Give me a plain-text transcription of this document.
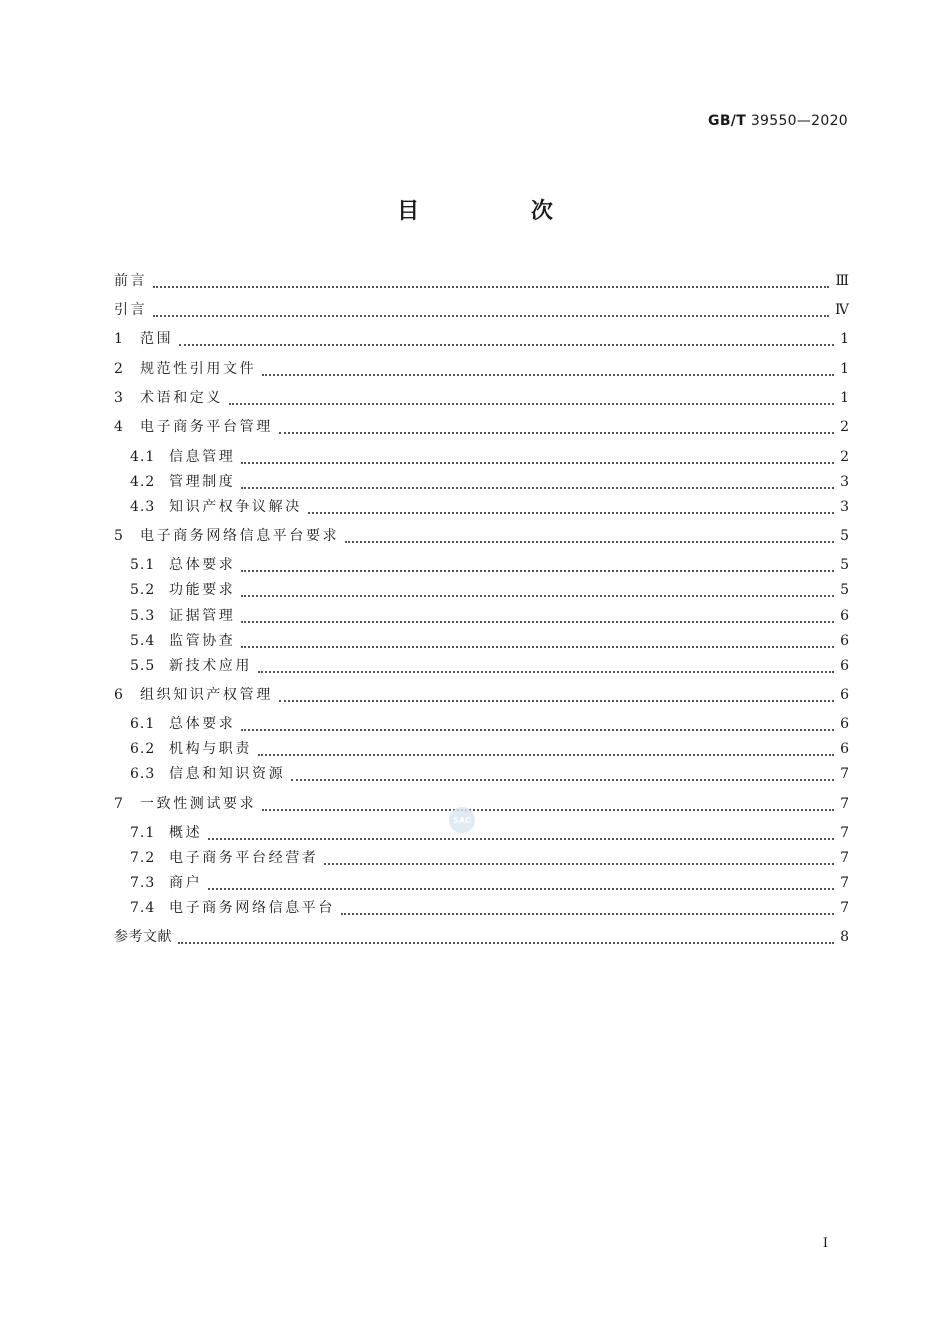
GB/T 39550—2020
目 次
前言	Ⅲ
引言	Ⅳ
1	范围	1
2	规范性引用文件	1
3	术语和定义	1
4	电子商务平台管理	2
4.1 信息管理	2
4.2 管理制度	3
4.3 知识产权争议解决	3
5	电子商务网络信息平台要求	5
5.1 总体要求	5
5.2 功能要求	5
5.3 证据管理	6
5.4 监管协查	6
5.5 新技术应用	6
6	组织知识产权管理	6
6.1 总体要求	6
6.2 机构与职责	6
6.3 信息和知识资源	7
7	一致性测试要求	7
7.1 概述	7
7.2 电子商务平台经营者	7
7.3 商户	7
7.4 电子商务网络信息平台	7
参考文献	8
SAC
I
